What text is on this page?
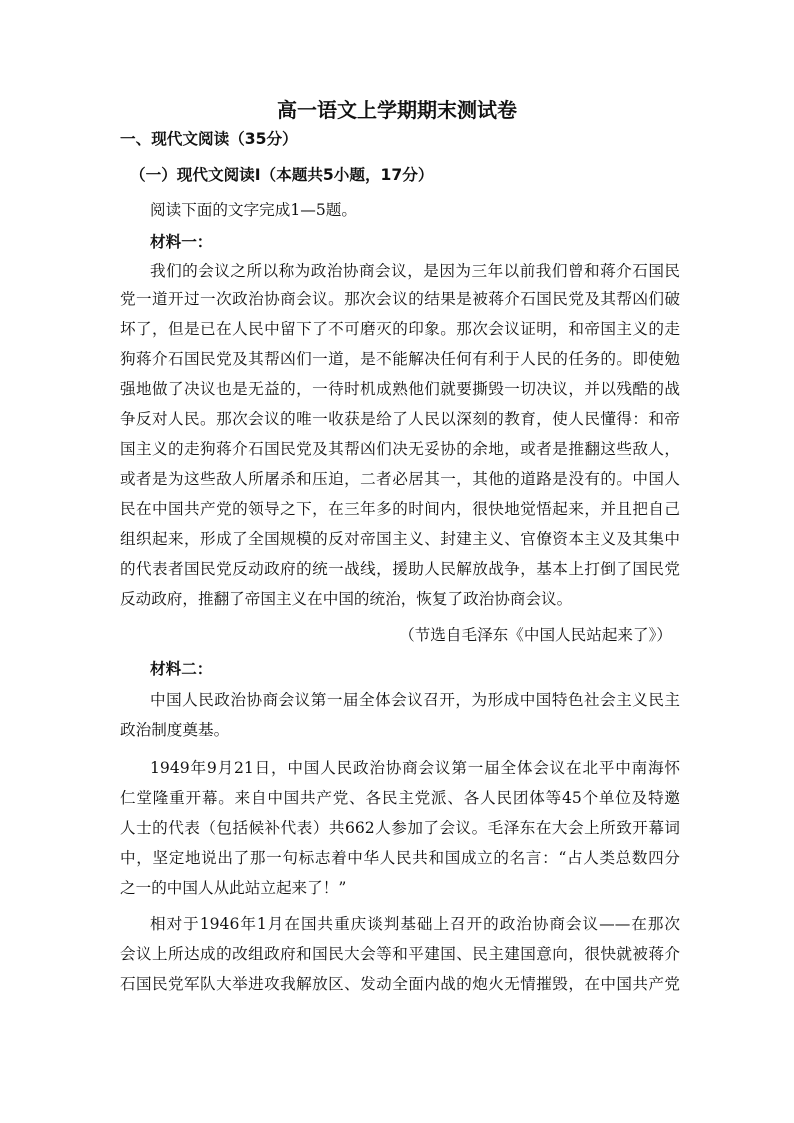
高一语文上学期期末测试卷
一、现代文阅读（35分）
（一）现代文阅读Ⅰ（本题共5小题，17分）
阅读下面的文字完成1—5题。
材料一：
我们的会议之所以称为政治协商会议，是因为三年以前我们曾和蒋介石国民
党一道开过一次政治协商会议。那次会议的结果是被蒋介石国民党及其帮凶们破
坏了，但是已在人民中留下了不可磨灭的印象。那次会议证明，和帝国主义的走
狗蒋介石国民党及其帮凶们一道，是不能解决任何有利于人民的任务的。即使勉
强地做了决议也是无益的，一待时机成熟他们就要撕毁一切决议，并以残酷的战
争反对人民。那次会议的唯一收获是给了人民以深刻的教育，使人民懂得：和帝
国主义的走狗蒋介石国民党及其帮凶们决无妥协的余地，或者是推翻这些敌人，
或者是为这些敌人所屠杀和压迫，二者必居其一，其他的道路是没有的。中国人
民在中国共产党的领导之下，在三年多的时间内，很快地觉悟起来，并且把自己
组织起来，形成了全国规模的反对帝国主义、封建主义、官僚资本主义及其集中
的代表者国民党反动政府的统一战线，援助人民解放战争，基本上打倒了国民党
反动政府，推翻了帝国主义在中国的统治，恢复了政治协商会议。
（节选自毛泽东《中国人民站起来了》）
材料二：
中国人民政治协商会议第一届全体会议召开，为形成中国特色社会主义民主
政治制度奠基。
1949年9月21日，中国人民政治协商会议第一届全体会议在北平中南海怀
仁堂隆重开幕。来自中国共产党、各民主党派、各人民团体等45个单位及特邀
人士的代表（包括候补代表）共662人参加了会议。毛泽东在大会上所致开幕词
中，坚定地说出了那一句标志着中华人民共和国成立的名言：“占人类总数四分
之一的中国人从此站立起来了！”
相对于1946年1月在国共重庆谈判基础上召开的政治协商会议——在那次
会议上所达成的改组政府和国民大会等和平建国、民主建国意向，很快就被蒋介
石国民党军队大举进攻我解放区、发动全面内战的炮火无情摧毁，在中国共产党
